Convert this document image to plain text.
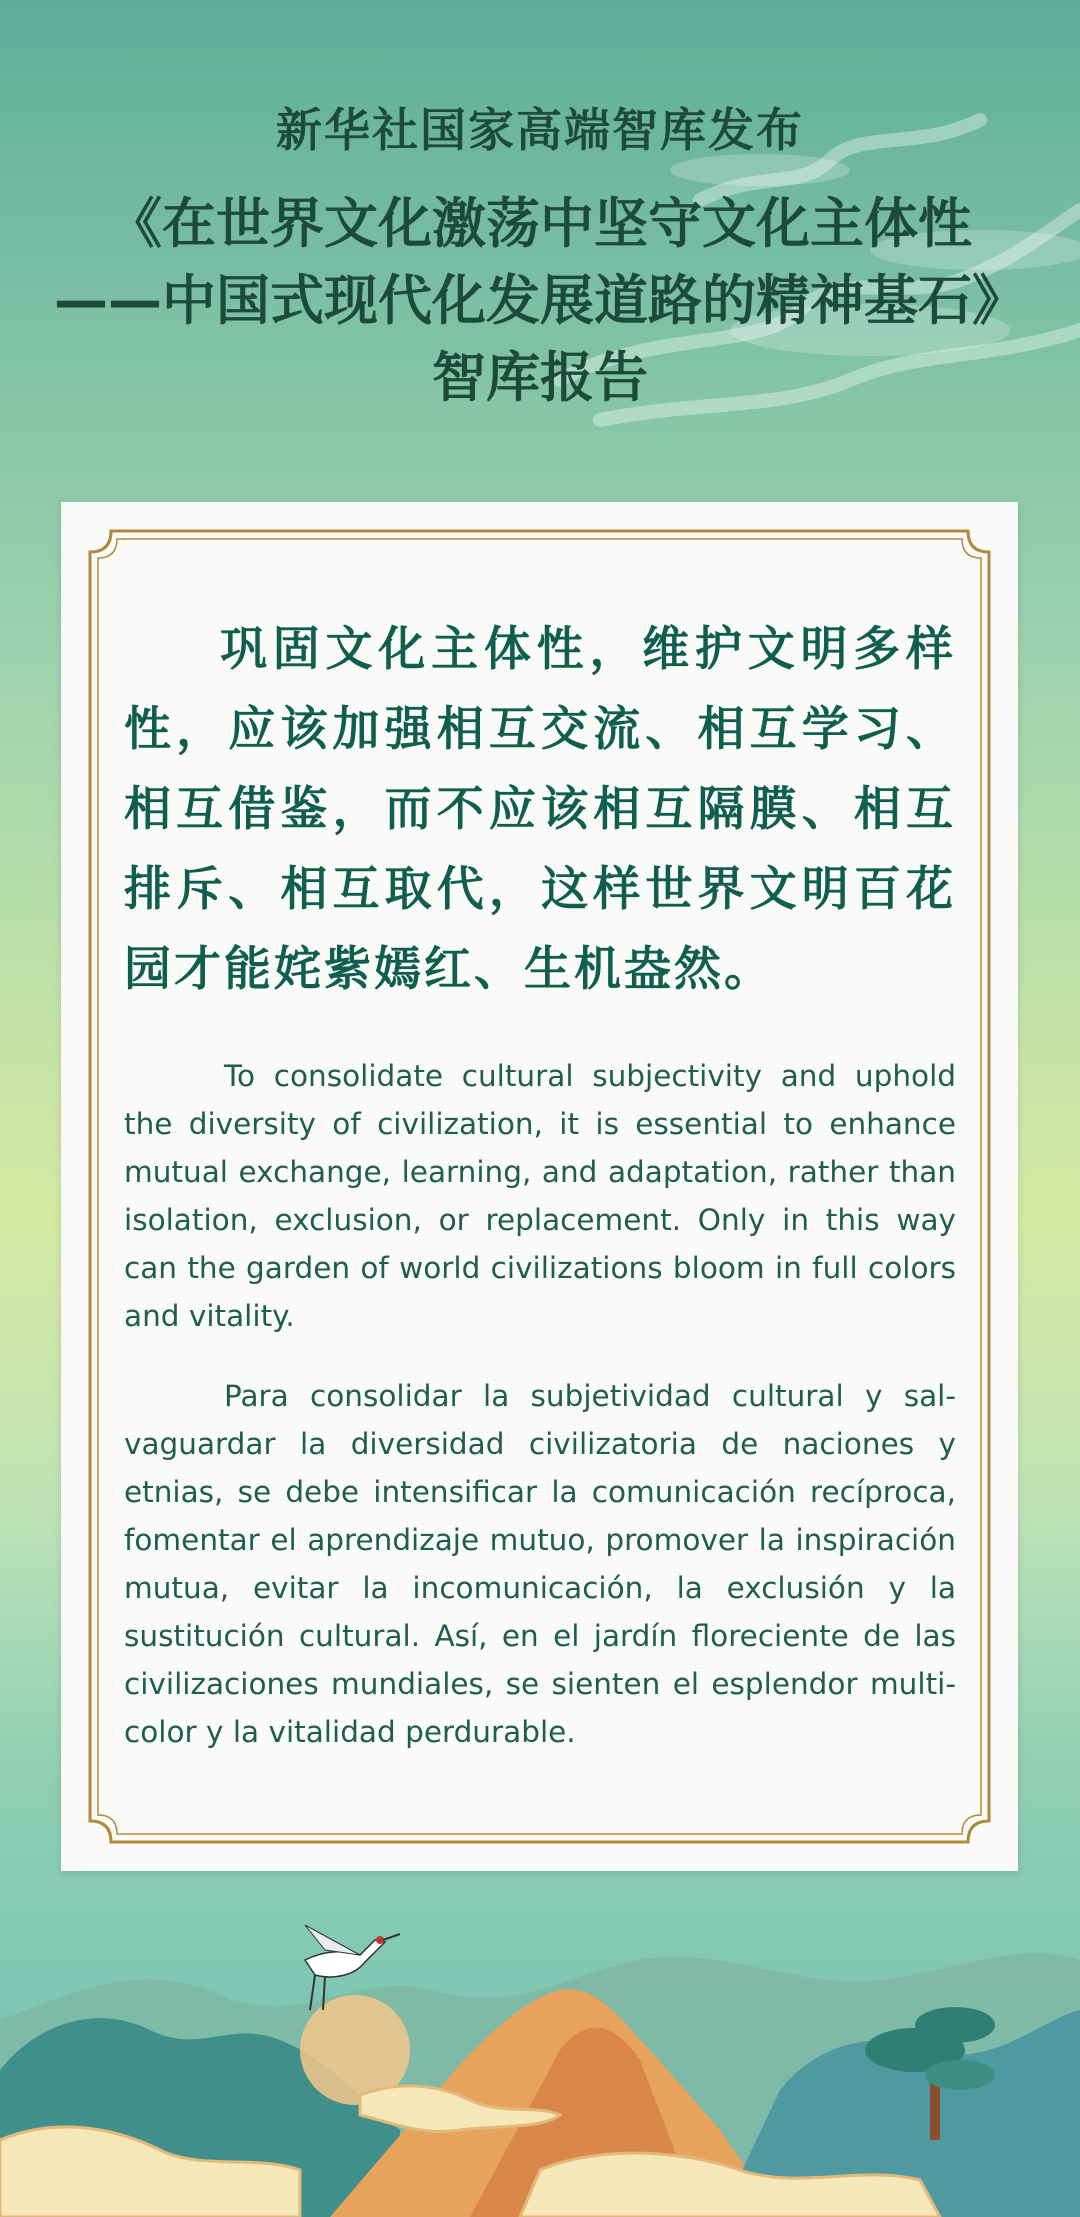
新华社国家高端智库发布
《在世界文化激荡中坚守文化主体性
——中国式现代化发展道路的精神基石》
智库报告

巩固文化主体性，维护文明多样性，应该加强相互交流、相互学习、相互借鉴，而不应该相互隔膜、相互排斥、相互取代，这样世界文明百花园才能姹紫嫣红、生机盎然。

To consolidate cultural subjectivity and uphold the diversity of civilization, it is essential to enhance mutual exchange, learning, and adaptation, rather than isolation, exclusion, or replacement. Only in this way can the garden of world civilizations bloom in full colors and vitality.

Para consolidar la subjetividad cultural y salvaguardar la diversidad civilizatoria de naciones y etnias, se debe intensificar la comunicación recíproca, fomentar el aprendizaje mutuo, promover la inspiración mutua, evitar la incomunicación, la exclusión y la sustitución cultural. Así, en el jardín floreciente de las civilizaciones mundiales, se sienten el esplendor multicolor y la vitalidad perdurable.
